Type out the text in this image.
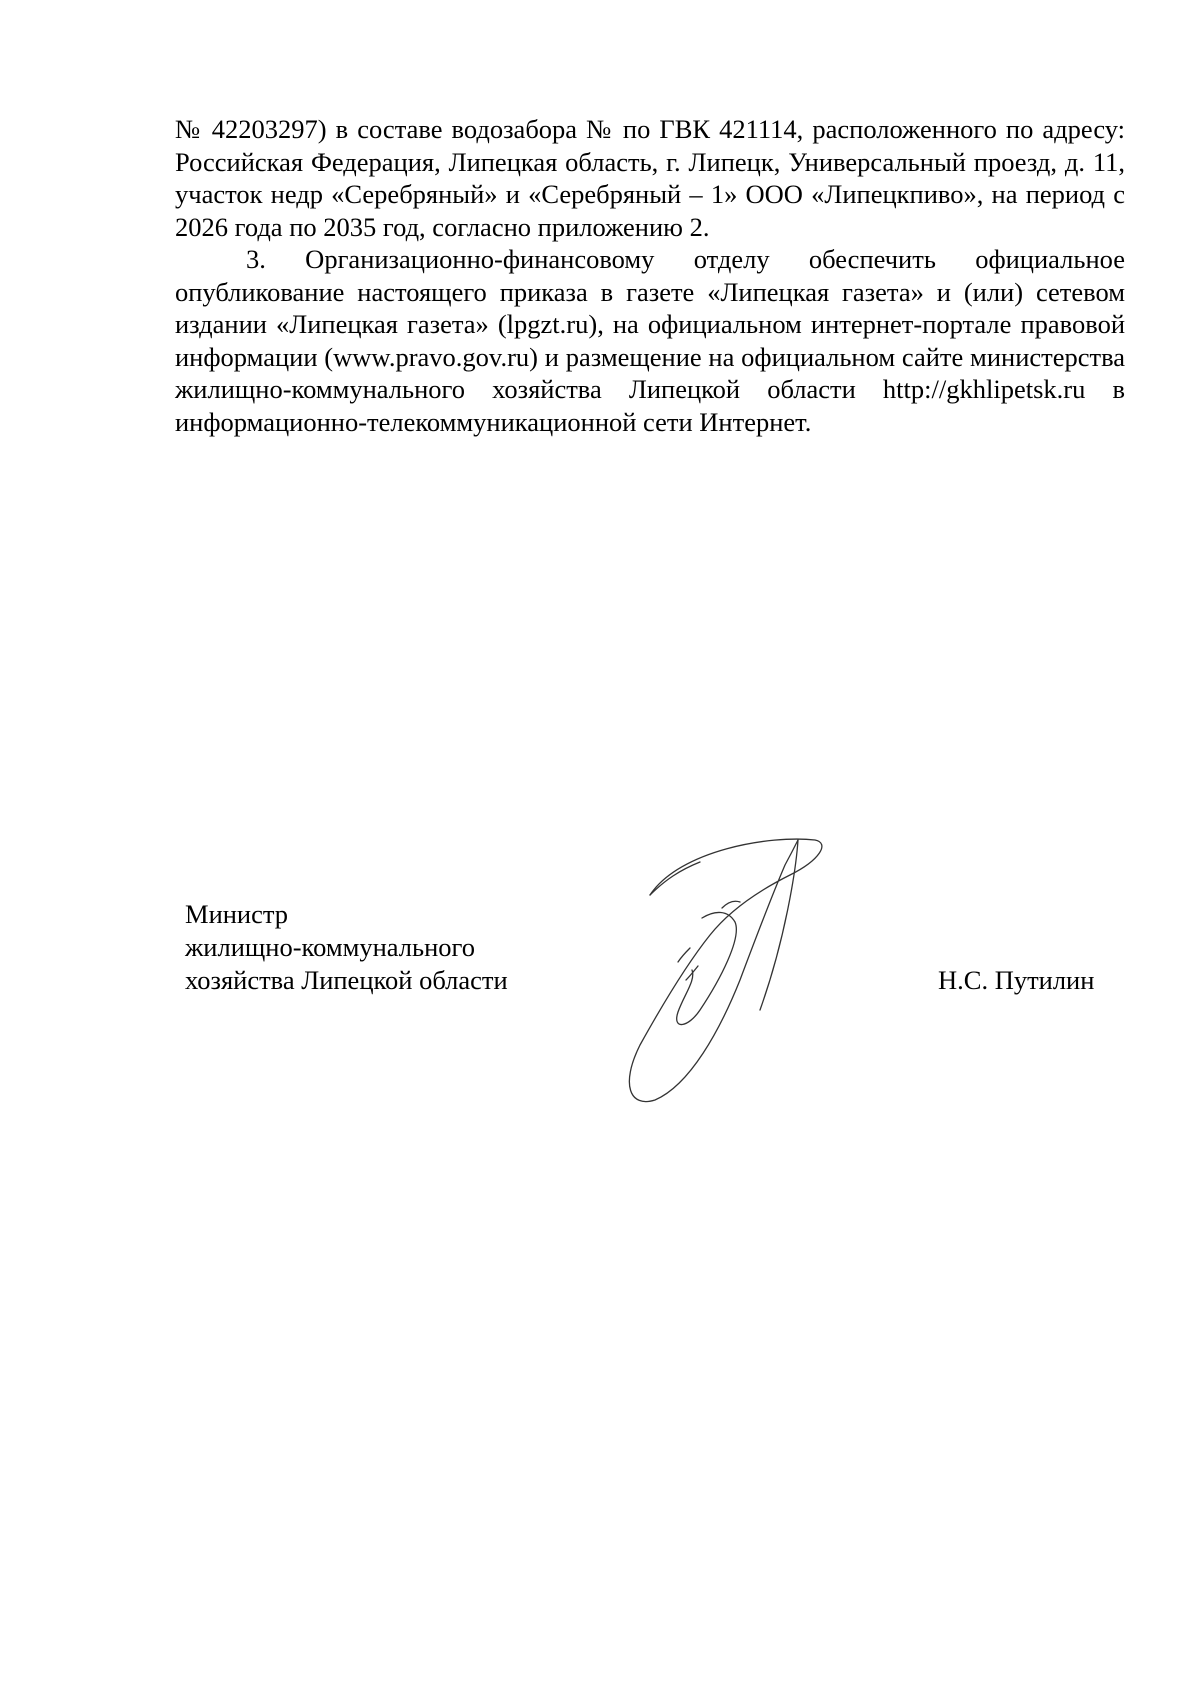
№ 42203297) в составе водозабора № по ГВК 421114, расположенного по адресу: Российская Федерация, Липецкая область, г. Липецк, Универсальный проезд, д. 11, участок недр «Серебряный» и «Серебряный – 1» ООО «Липецкпиво», на период с 2026 года по 2035 год, согласно приложению 2.

3. Организационно-финансовому отделу обеспечить официальное опубликование настоящего приказа в газете «Липецкая газета» и (или) сетевом издании «Липецкая газета» (lpgzt.ru), на официальном интернет-портале правовой информации (www.pravo.gov.ru) и размещение на официальном сайте министерства жилищно-коммунального хозяйства Липецкой области http://gkhlipetsk.ru в информационно-телекоммуникационной сети Интернет.

Министр
жилищно-коммунального
хозяйства Липецкой области	Н.С. Путилин
